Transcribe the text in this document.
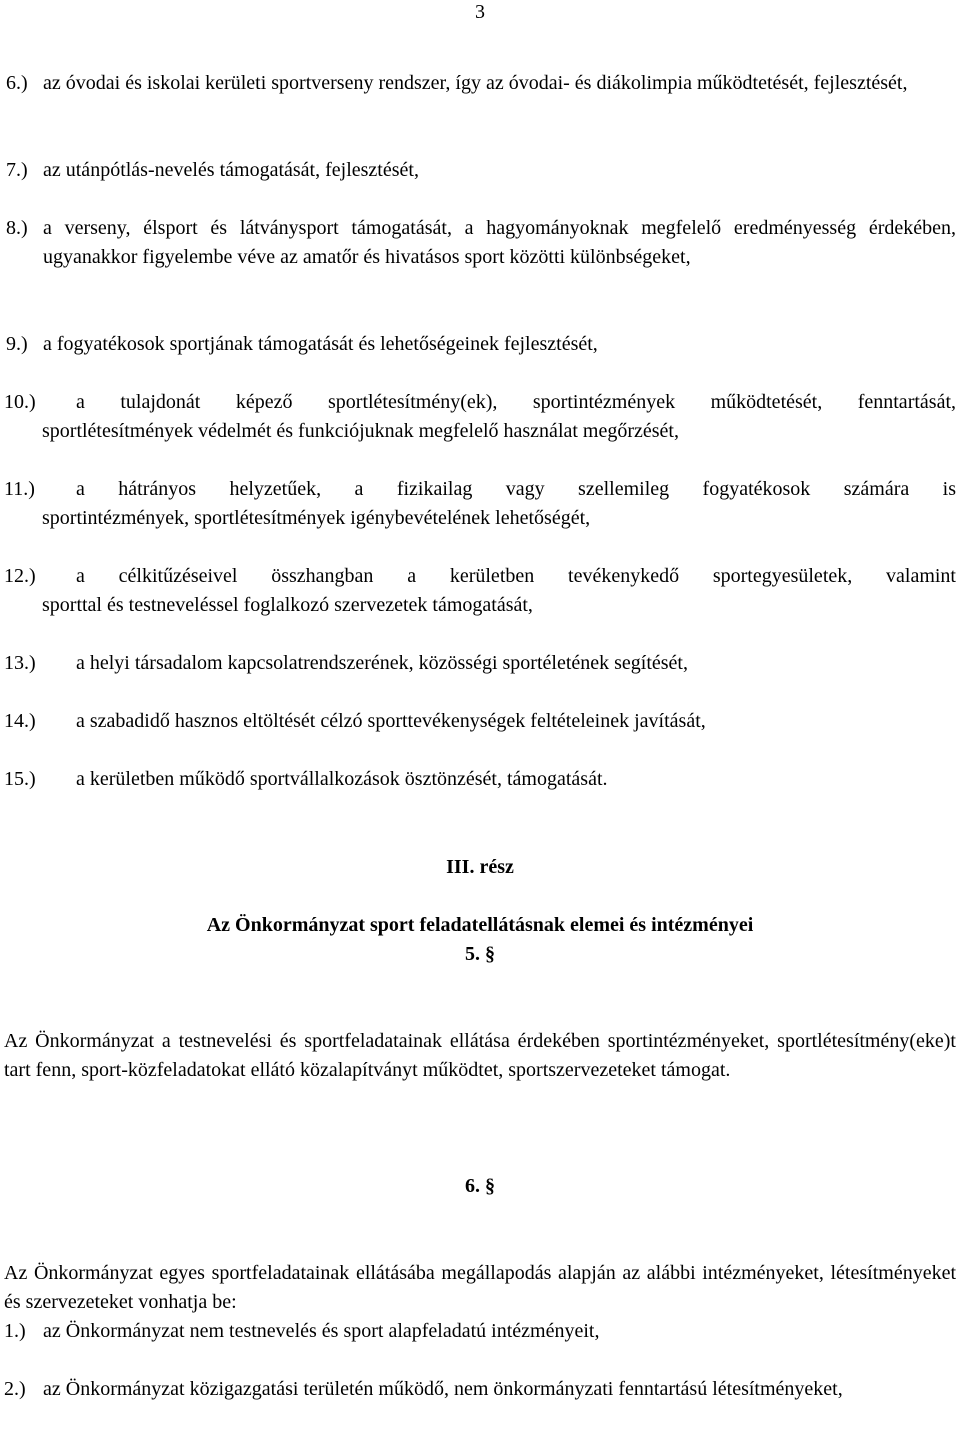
3
6.) az óvodai és iskolai kerületi sportverseny rendszer, így az óvodai- és diákolimpia működtetését, fejlesztését,
7.) az utánpótlás-nevelés támogatását, fejlesztését,
8.) a verseny, élsport és látványsport támogatását, a hagyományoknak megfelelő eredményesség érdekében, ugyanakkor figyelembe véve az amatőr és hivatásos sport közötti különbségeket,
9.) a fogyatékosok sportjának támogatását és lehetőségeinek fejlesztését,
10.)	a tulajdonát képező sportlétesítmény(ek), sportintézmények működtetését, fenntartását,
sportlétesítmények védelmét és funkciójuknak megfelelő használat megőrzését,
11.)	a hátrányos helyzetűek, a fizikailag vagy szellemileg fogyatékosok számára is
sportintézmények, sportlétesítmények igénybevételének lehetőségét,
12.)	a célkitűzéseivel összhangban a kerületben tevékenykedő sportegyesületek, valamint
sporttal és testneveléssel foglalkozó szervezetek támogatását,
13.)	a helyi társadalom kapcsolatrendszerének, közösségi sportéletének segítését,
14.)	a szabadidő hasznos eltöltését célzó sporttevékenységek feltételeinek javítását,
15.)	a kerületben működő sportvállalkozások ösztönzését, támogatását.
III. rész
Az Önkormányzat sport feladatellátásnak elemei és intézményei
5. §
Az Önkormányzat a testnevelési és sportfeladatainak ellátása érdekében sportintézményeket, sportlétesítmény(eke)t tart fenn, sport-közfeladatokat ellátó közalapítványt működtet, sportszervezeteket támogat.
6. §
Az Önkormányzat egyes sportfeladatainak ellátásába megállapodás alapján az alábbi intézményeket, létesítményeket és szervezeteket vonhatja be:
1.) az Önkormányzat nem testnevelés és sport alapfeladatú intézményeit,
2.) az Önkormányzat közigazgatási területén működő, nem önkormányzati fenntartású létesítményeket,
